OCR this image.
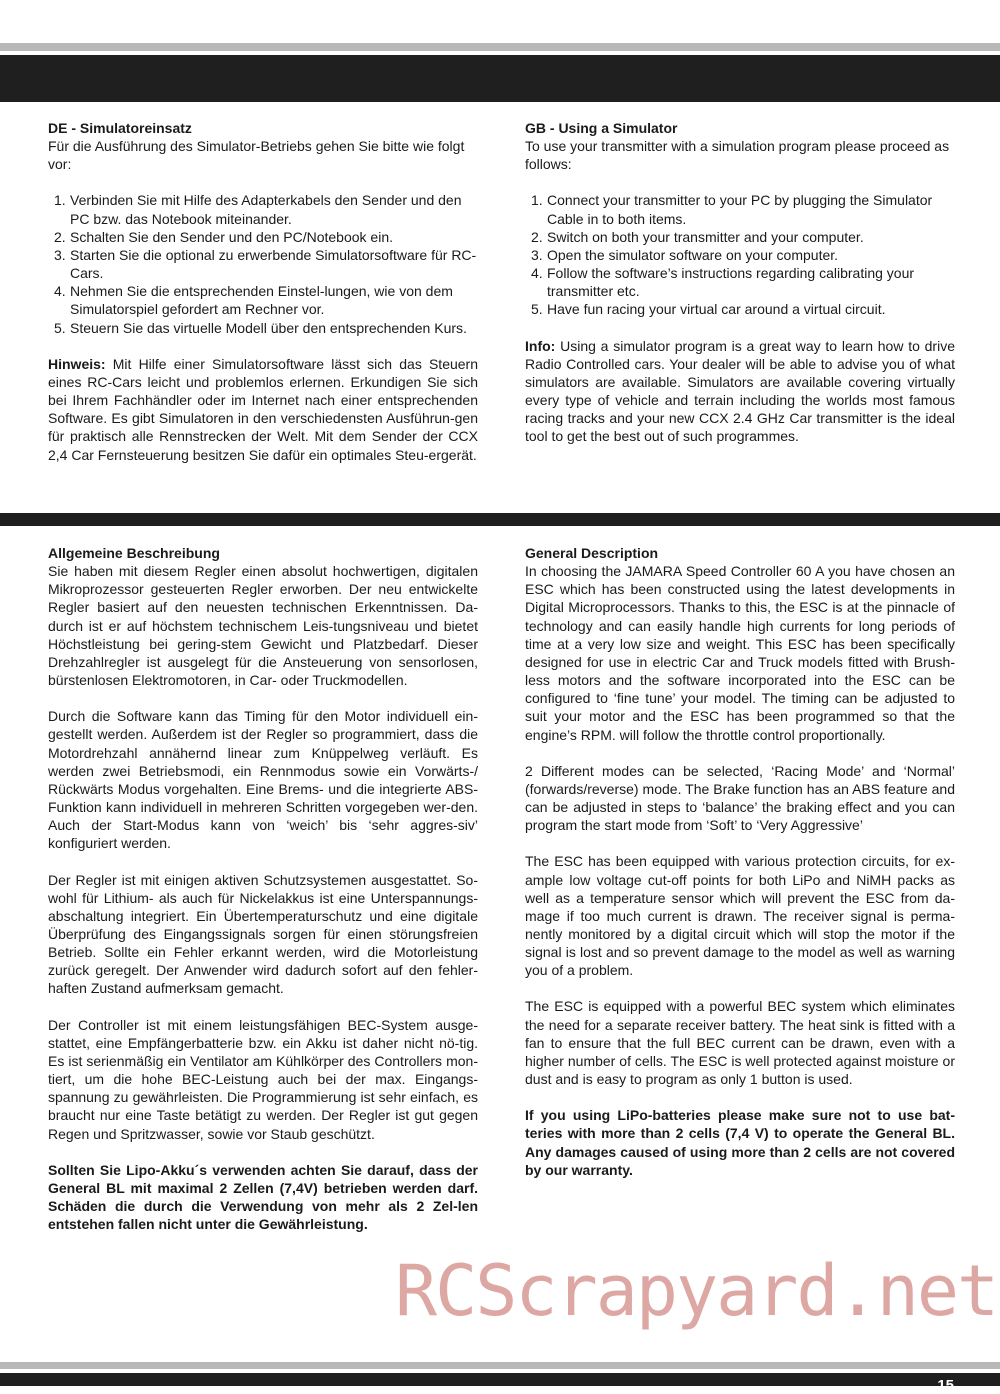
DE - Simulatoreinsatz

Für die Ausführung des Simulator-Betriebs gehen Sie bitte wie folgt vor:

1. Verbinden Sie mit Hilfe des Adapterkabels den Sender und den PC bzw. das Notebook miteinander.
2. Schalten Sie den Sender und den PC/Notebook ein.
3. Starten Sie die optional zu erwerbende Simulatorsoftware für RC-Cars.
4. Nehmen Sie die entsprechenden Einstel-lungen, wie von dem Simulatorspiel gefordert am Rechner vor.
5. Steuern Sie das virtuelle Modell über den entsprechenden Kurs.

Hinweis: Mit Hilfe einer Simulatorsoftware lässt sich das Steuern eines RC-Cars leicht und problemlos erlernen. Erkundigen Sie sich bei Ihrem Fachhändler oder im Internet nach einer entsprechenden Software. Es gibt Simulatoren in den verschiedensten Ausführun-gen für praktisch alle Rennstrecken der Welt. Mit dem Sender der CCX 2,4 Car Fernsteuerung besitzen Sie dafür ein optimales Steu-ergerät.

GB - Using a Simulator

To use your transmitter with a simulation program please proceed as follows:

1. Connect your transmitter to your PC by plugging the Simulator Cable in to both items.
2. Switch on both your transmitter and your computer.
3. Open the simulator software on your computer.
4. Follow the software’s instructions regarding calibrating your transmitter etc.
5. Have fun racing your virtual car around a virtual circuit.

Info: Using a simulator program is a great way to learn how to drive Radio Controlled cars. Your dealer will be able to advise you of what simulators are available. Simulators are available covering virtually every type of vehicle and terrain including the worlds most famous racing tracks and your new CCX 2.4 GHz Car transmitter is the ideal tool to get the best out of such programmes.

Allgemeine Beschreibung

Sie haben mit diesem Regler einen absolut hochwertigen, digitalen Mikroprozessor gesteuerten Regler erworben. Der neu entwickelte Regler basiert auf den neuesten technischen Erkenntnissen. Da-durch ist er auf höchstem technischem Leis-tungsniveau und bietet Höchstleistung bei gering-stem Gewicht und Platzbedarf. Dieser Drehzahlregler ist ausgelegt für die Ansteuerung von sensorlosen, bürstenlosen Elektromotoren, in Car- oder Truckmodellen.

Durch die Software kann das Timing für den Motor individuell ein-gestellt werden. Außerdem ist der Regler so programmiert, dass die Motordrehzahl annähernd linear zum Knüppelweg verläuft. Es werden zwei Betriebsmodi, ein Rennmodus sowie ein Vorwärts-/ Rückwärts Modus vorgehalten. Eine Brems- und die integrierte ABS-Funktion kann individuell in mehreren Schritten vorgegeben wer-den. Auch der Start-Modus kann von ‘weich’ bis ‘sehr aggres-siv’ konfiguriert werden.

Der Regler ist mit einigen aktiven Schutzsystemen ausgestattet. So-wohl für Lithium- als auch für Nickelakkus ist eine Unterspannungs-abschaltung integriert. Ein Übertemperaturschutz und eine digitale Überprüfung des Eingangssignals sorgen für einen störungsfreien Betrieb. Sollte ein Fehler erkannt werden, wird die Motorleistung zurück geregelt. Der Anwender wird dadurch sofort auf den fehler-haften Zustand aufmerksam gemacht.

Der Controller ist mit einem leistungsfähigen BEC-System ausge-stattet, eine Empfängerbatterie bzw. ein Akku ist daher nicht nö-tig. Es ist serienmäßig ein Ventilator am Kühlkörper des Controllers mon-tiert, um die hohe BEC-Leistung auch bei der max. Eingangs-spannung zu gewährleisten. Die Programmierung ist sehr einfach, es braucht nur eine Taste betätigt zu werden. Der Regler ist gut gegen Regen und Spritzwasser, sowie vor Staub geschützt.

Sollten Sie Lipo-Akku´s verwenden achten Sie darauf, dass der General BL mit maximal 2 Zellen (7,4V) betrieben werden darf. Schäden die durch die Verwendung von mehr als 2 Zel-len entstehen fallen nicht unter die Gewährleistung.

General Description

In choosing the JAMARA Speed Controller 60 A you have chosen an ESC which has been constructed using the latest developments in Digital Microprocessors. Thanks to this, the ESC is at the pinnacle of technology and can easily handle high currents for long periods of time at a very low size and weight. This ESC has been specifically designed for use in electric Car and Truck models fitted with Brush-less motors and the software incorporated into the ESC can be configured to ‘fine tune’ your model. The timing can be adjusted to suit your motor and the ESC has been programmed so that the engine’s RPM. will follow the throttle control proportionally.

2 Different modes can be selected, ‘Racing Mode’ and ‘Normal’ (forwards/reverse) mode. The Brake function has an ABS feature and can be adjusted in steps to ‘balance’ the braking effect and you can program the start mode from ‘Soft’ to ‘Very Aggressive’

The ESC has been equipped with various protection circuits, for ex-ample low voltage cut-off points for both LiPo and NiMH packs as well as a temperature sensor which will prevent the ESC from da-mage if too much current is drawn. The receiver signal is perma-nently monitored by a digital circuit which will stop the motor if the signal is lost and so prevent damage to the model as well as warning you of a problem.

The ESC is equipped with a powerful BEC system which eliminates the need for a separate receiver battery. The heat sink is fitted with a fan to ensure that the full BEC current can be drawn, even with a higher number of cells. The ESC is well protected against moisture or dust and is easy to program as only 1 button is used.

If you using LiPo-batteries please make sure not to use bat-teries with more than 2 cells (7,4 V) to operate the General BL. Any damages caused of using more than 2 cells are not covered by our warranty.

RCScrapyard.net
15
